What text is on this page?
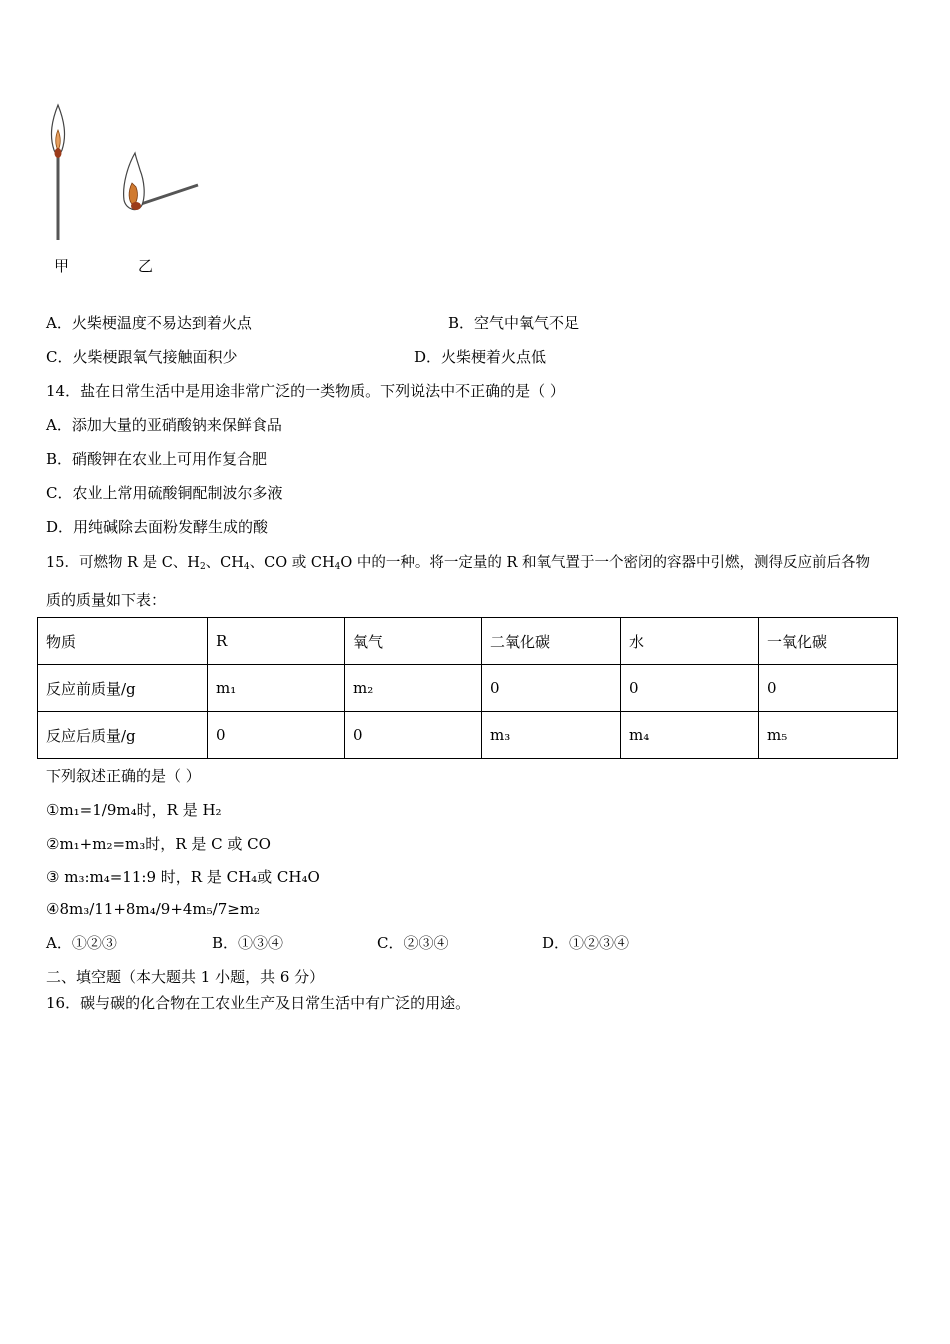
甲	乙
A．火柴梗温度不易达到着火点	B．空气中氧气不足
C．火柴梗跟氧气接触面积少	D．火柴梗着火点低
14．盐在日常生活中是用途非常广泛的一类物质。下列说法中不正确的是（ ）
A．添加大量的亚硝酸钠来保鲜食品
B．硝酸钾在农业上可用作复合肥
C．农业上常用硫酸铜配制波尔多液
D．用纯碱除去面粉发酵生成的酸
15．可燃物 R 是 C、$H_2$、$CH_4$、CO 或 $CH_4O$ 中的一种。将一定量的 R 和氧气置于一个密闭的容器中引燃，测得反应前后各物
质的质量如下表：
物质	R	氧气	二氧化碳	水	一氧化碳
反应前质量/g	m₁	m₂	0	0	0
反应后质量/g	0	0	m₃	m₄	m₅
下列叙述正确的是（ ）
①m₁=1/9m₄时，R 是 H₂
②m₁+m₂=m₃时，R 是 C 或 CO
③ m₃:m₄=11:9 时，R 是 CH₄或 CH₄O
④8m₃/11+8m₄/9+4m₅/7≥m₂
A．①②③	B．①③④	C．②③④	D．①②③④
二、填空题（本大题共 1 小题，共 6 分）
16．碳与碳的化合物在工农业生产及日常生活中有广泛的用途。
